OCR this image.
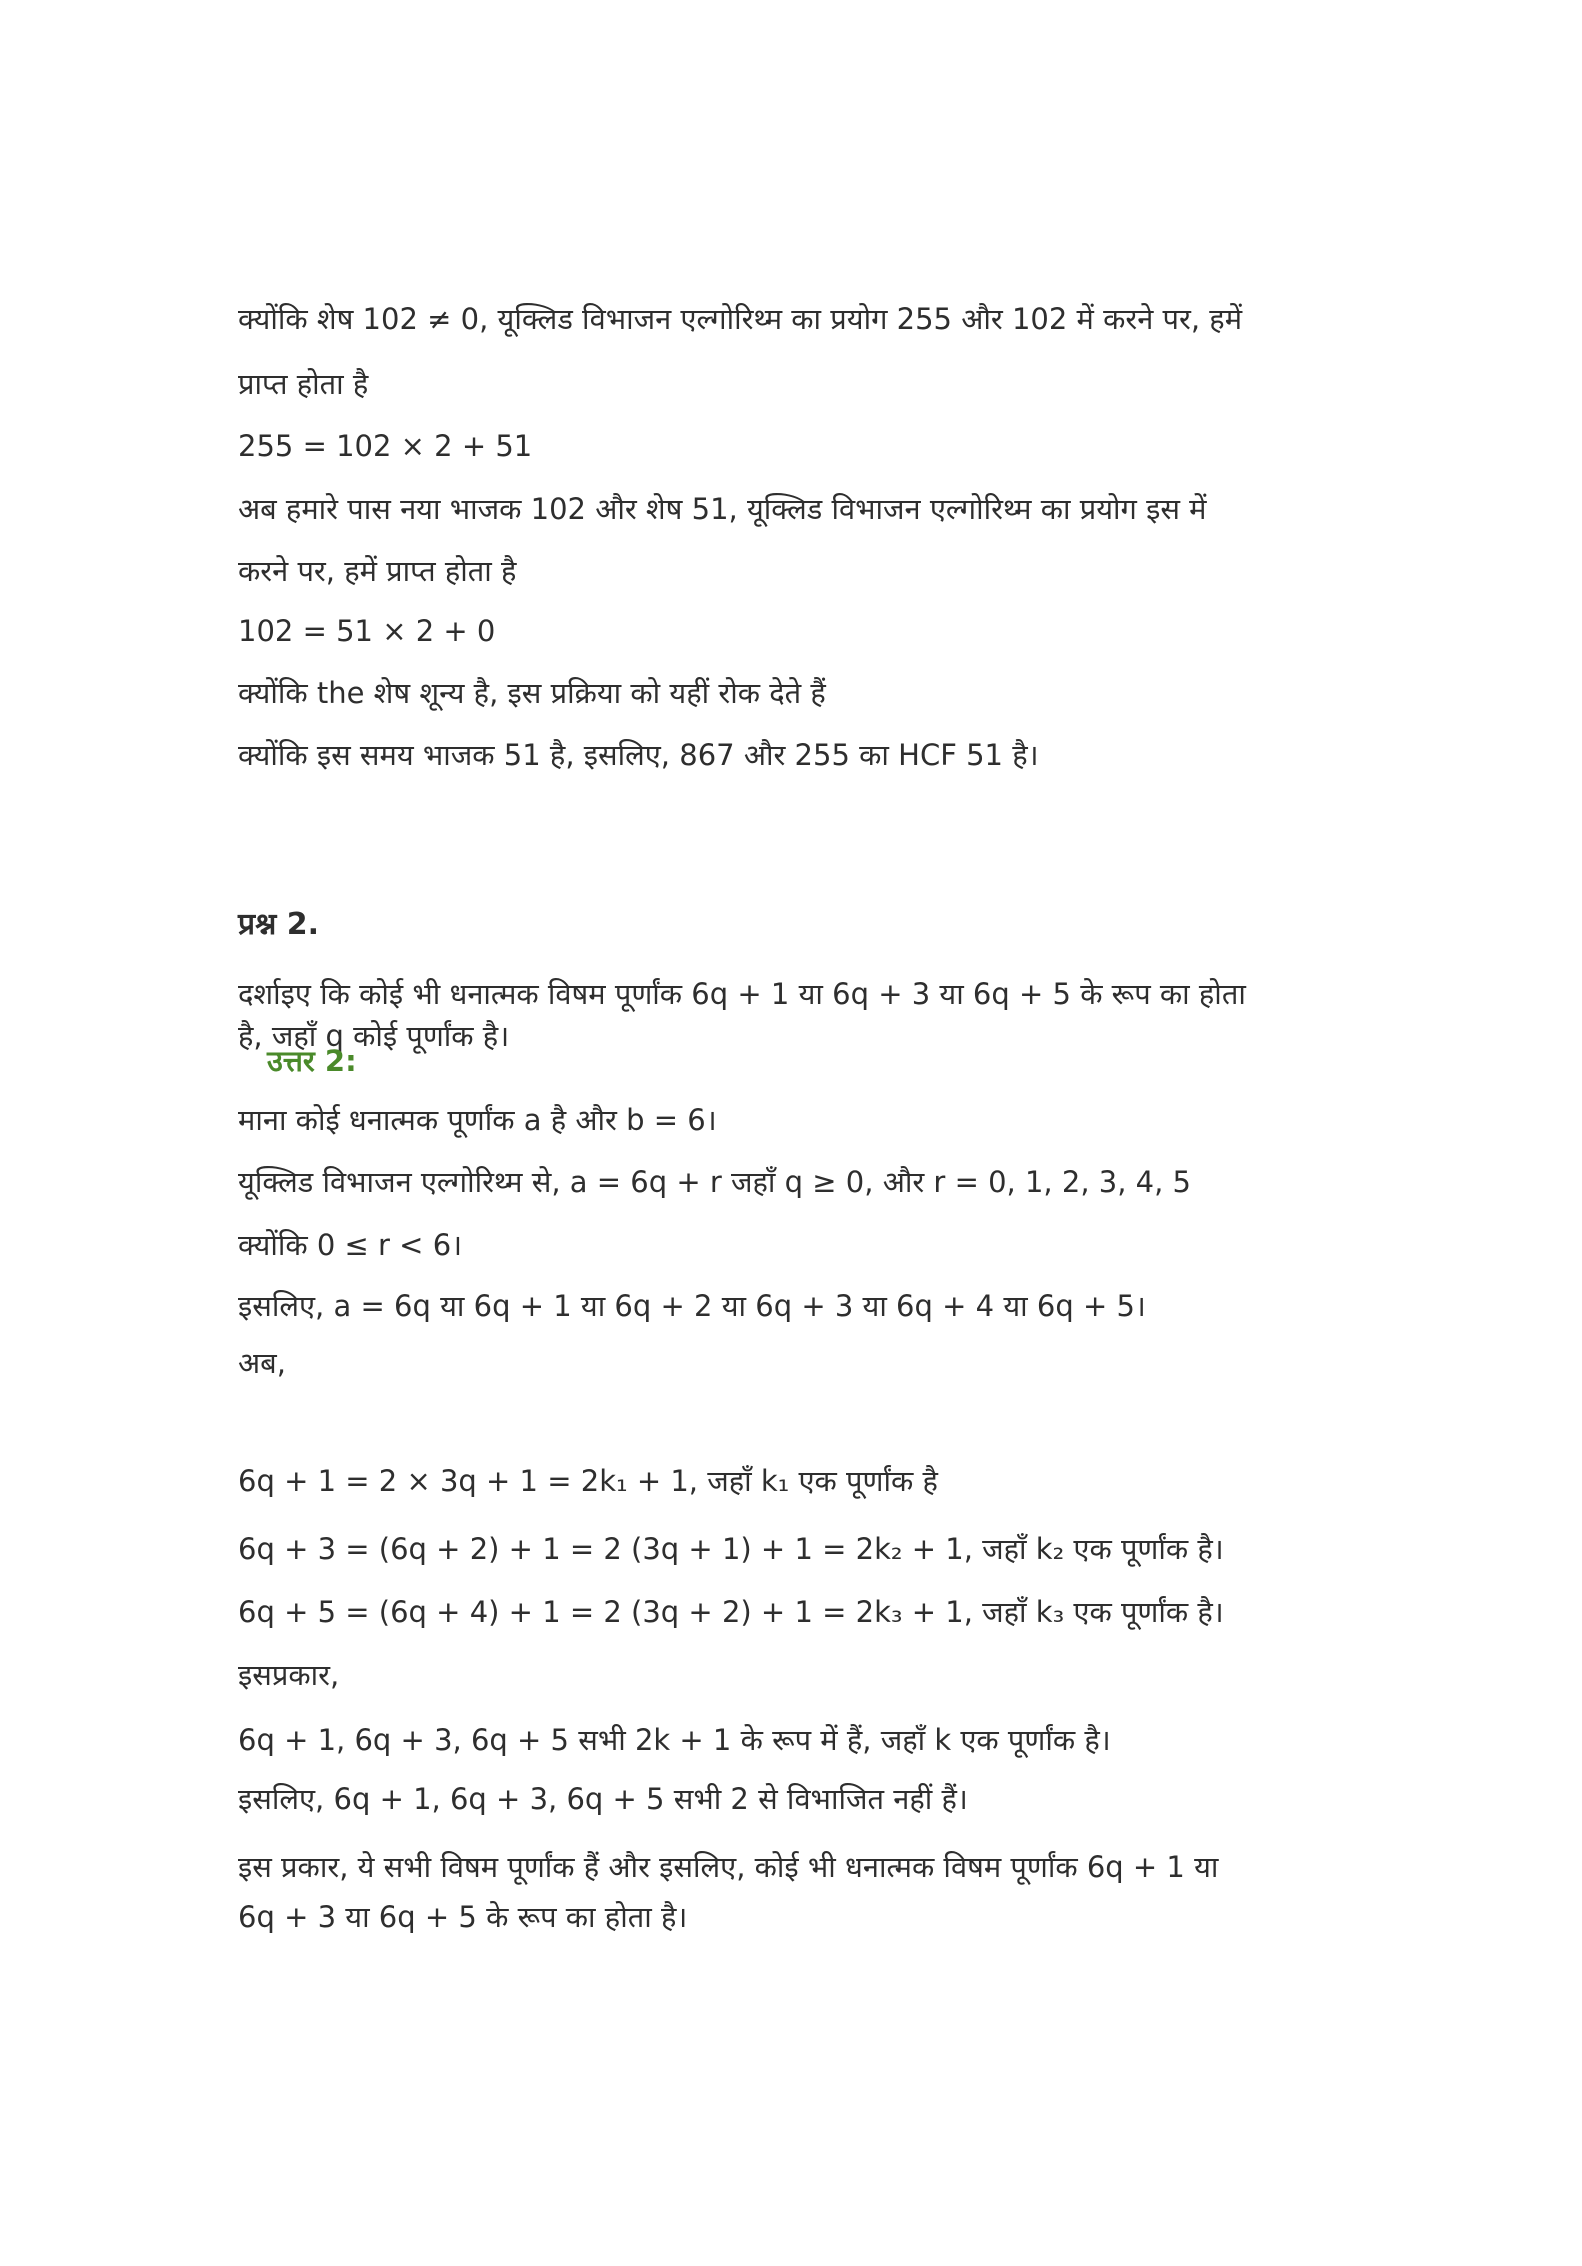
क्योंकि शेष 102 ≠ 0, यूक्लिड विभाजन एल्गोरिथ्म का प्रयोग 255 और 102 में करने पर, हमें
प्राप्त होता है
255 = 102 × 2 + 51
अब हमारे पास नया भाजक 102 और शेष 51, यूक्लिड विभाजन एल्गोरिथ्म का प्रयोग इस में
करने पर, हमें प्राप्त होता है
102 = 51 × 2 + 0
क्योंकि the शेष शून्य है, इस प्रक्रिया को यहीं रोक देते हैं
क्योंकि इस समय भाजक 51 है, इसलिए, 867 और 255 का HCF 51 है।
प्रश्न 2.
दर्शाइए कि कोई भी धनात्मक विषम पूर्णांक 6q + 1 या 6q + 3 या 6q + 5 के रूप का होता
है, जहाँ q कोई पूर्णांक है।
उत्तर 2:
माना कोई धनात्मक पूर्णांक a है और b = 6।
यूक्लिड विभाजन एल्गोरिथ्म से, a = 6q + r जहाँ q ≥ 0, और r = 0, 1, 2, 3, 4, 5
क्योंकि 0 ≤ r < 6।
इसलिए, a = 6q या 6q + 1 या 6q + 2 या 6q + 3 या 6q + 4 या 6q + 5।
अब,
6q + 1 = 2 × 3q + 1 = 2k₁ + 1, जहाँ k₁ एक पूर्णांक है
6q + 3 = (6q + 2) + 1 = 2 (3q + 1) + 1 = 2k₂ + 1, जहाँ k₂ एक पूर्णांक है।
6q + 5 = (6q + 4) + 1 = 2 (3q + 2) + 1 = 2k₃ + 1, जहाँ k₃ एक पूर्णांक है।
इसप्रकार,
6q + 1, 6q + 3, 6q + 5 सभी 2k + 1 के रूप में हैं, जहाँ k एक पूर्णांक है।
इसलिए, 6q + 1, 6q + 3, 6q + 5 सभी 2 से विभाजित नहीं हैं।
इस प्रकार, ये सभी विषम पूर्णांक हैं और इसलिए, कोई भी धनात्मक विषम पूर्णांक 6q + 1 या
6q + 3 या 6q + 5 के रूप का होता है।
